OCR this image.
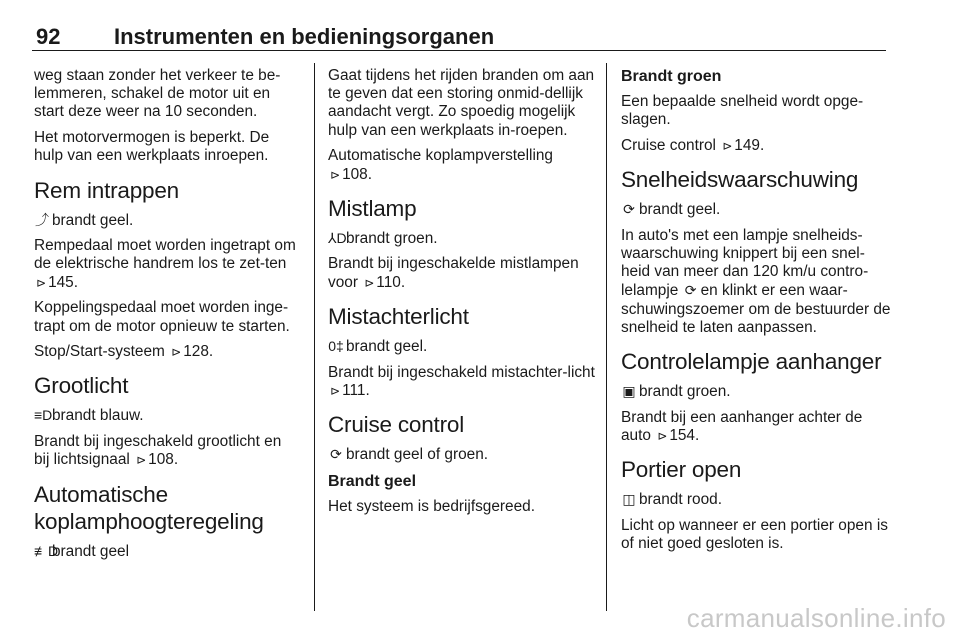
92 Instrumenten en bedieningsorganen

weg staan zonder het verkeer te be-lemmeren, schakel de motor uit en start deze weer na 10 seconden.

Het motorvermogen is beperkt. De hulp van een werkplaats inroepen.

Rem intrappen

⤴ brandt geel.

Rempedaal moet worden ingetrapt om de elektrische handrem los te zet-ten ⊳ 145.

Koppelingspedaal moet worden inge-trapt om de motor opnieuw te starten.

Stop/Start-systeem ⊳ 128.

Grootlicht

≡Dbrandt blauw.

Brandt bij ingeschakeld grootlicht en bij lichtsignaal ⊳ 108.

Automatische
koplamphoogteregeling

≢Dbrandt geel

Gaat tijdens het rijden branden om aan te geven dat een storing onmid-dellijk aandacht vergt. Zo spoedig mogelijk hulp van een werkplaats in-roepen.

Automatische koplampverstelling
⊳ 108.

Mistlamp

⅄Dbrandt groen.

Brandt bij ingeschakelde mistlampen voor ⊳ 110.

Mistachterlicht

0‡ brandt geel.

Brandt bij ingeschakeld mistachter-licht ⊳ 111.

Cruise control

⟳ brandt geel of groen.

Brandt geel

Het systeem is bedrijfsgereed.

Brandt groen

Een bepaalde snelheid wordt opge-slagen.

Cruise control ⊳ 149.

Snelheidswaarschuwing

⟳ brandt geel.

In auto's met een lampje snelheids-waarschuwing knippert bij een snel-heid van meer dan 120 km/u contro-lelampje ⟳ en klinkt er een waar-schuwingszoemer om de bestuurder de snelheid te laten aanpassen.

Controlelampje aanhanger

▣ brandt groen.

Brandt bij een aanhanger achter de auto ⊳ 154.

Portier open

◫ brandt rood.

Licht op wanneer er een portier open is of niet goed gesloten is.

carmanualsonline.info
